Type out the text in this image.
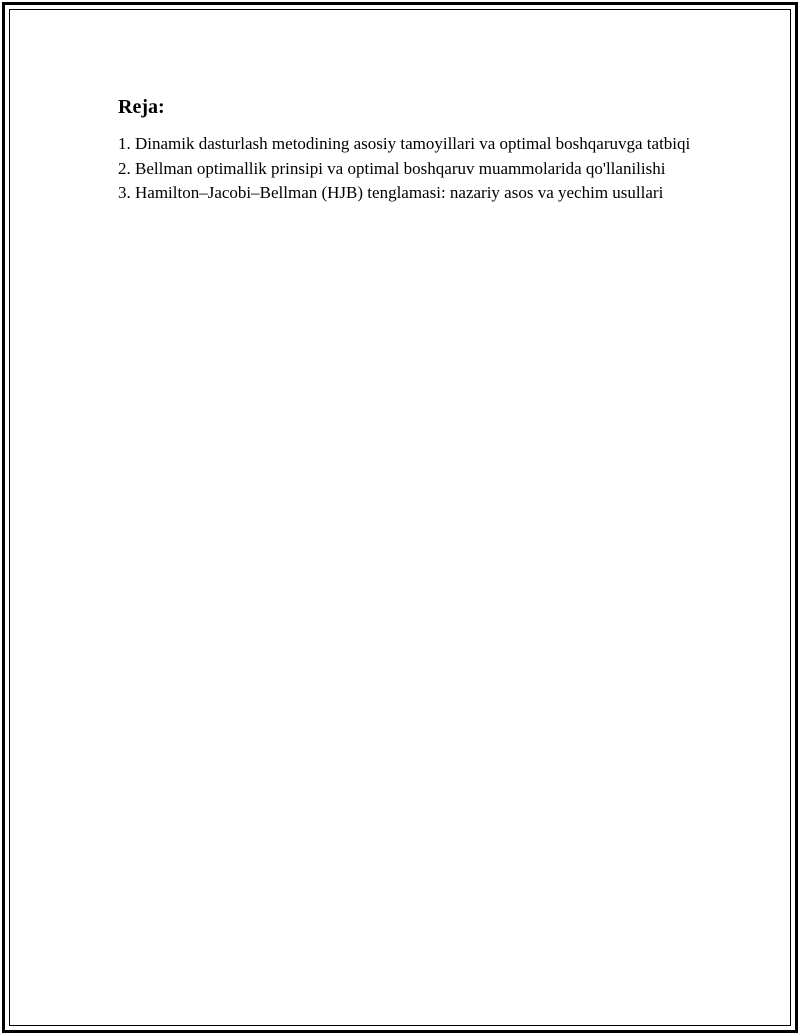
Reja:
1. Dinamik dasturlash metodining asosiy tamoyillari va optimal boshqaruvga tatbiqi
2. Bellman optimallik prinsipi va optimal boshqaruv muammolarida qo'llanilishi
3. Hamilton–Jacobi–Bellman (HJB) tenglamasi: nazariy asos va yechim usullari
